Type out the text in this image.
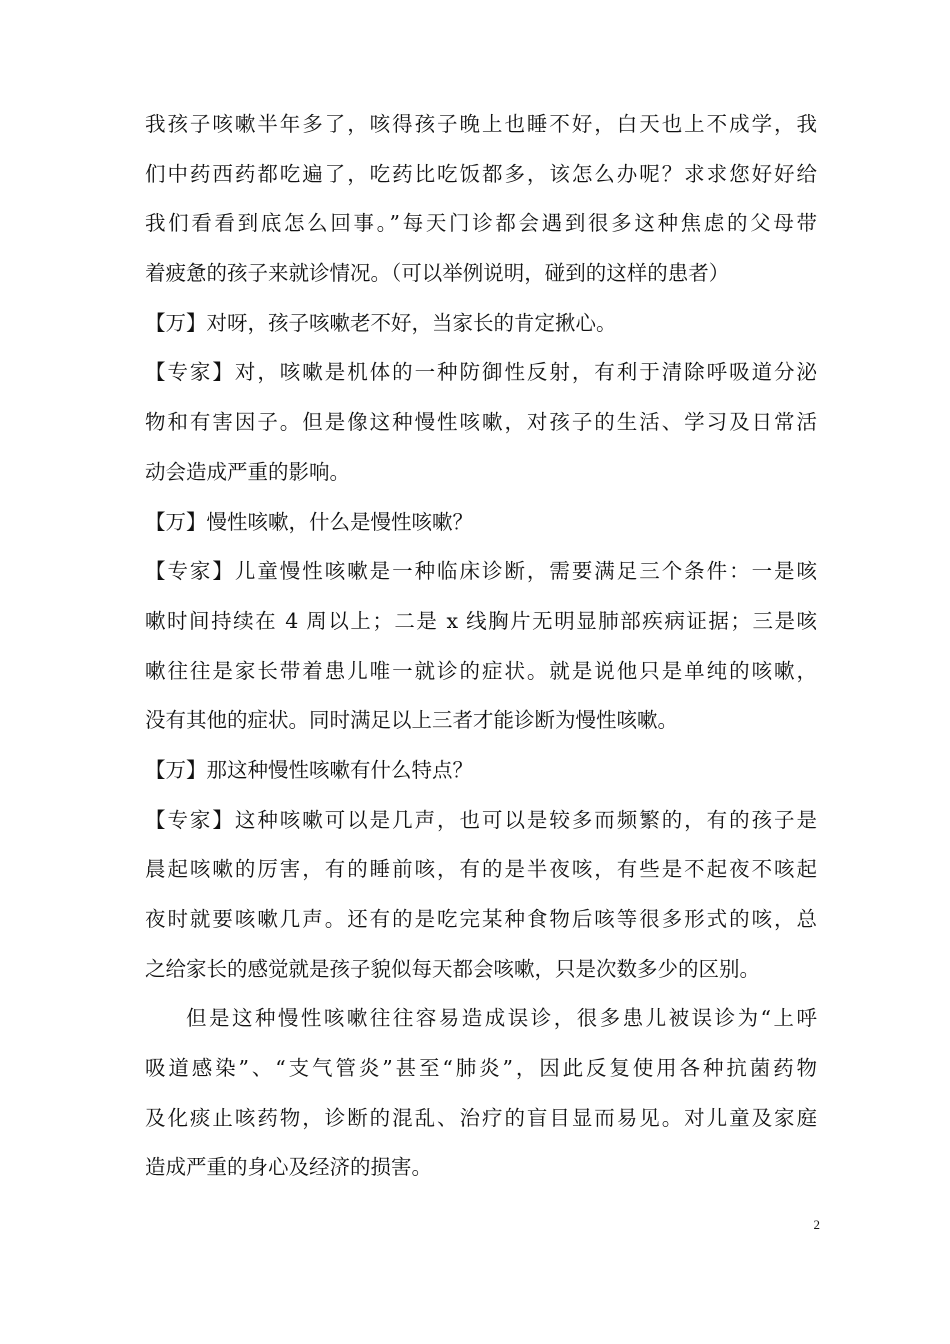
我孩子咳嗽半年多了，咳得孩子晚上也睡不好，白天也上不成学，我
们中药西药都吃遍了，吃药比吃饭都多，该怎么办呢？求求您好好给
我们看看到底怎么回事。”每天门诊都会遇到很多这种焦虑的父母带
着疲惫的孩子来就诊情况。（可以举例说明，碰到的这样的患者）

【万】对呀，孩子咳嗽老不好，当家长的肯定揪心。

【专家】对，咳嗽是机体的一种防御性反射，有利于清除呼吸道分泌
物和有害因子。但是像这种慢性咳嗽，对孩子的生活、学习及日常活
动会造成严重的影响。

【万】慢性咳嗽，什么是慢性咳嗽？

【专家】儿童慢性咳嗽是一种临床诊断，需要满足三个条件：一是咳
嗽时间持续在 4 周以上；二是 x 线胸片无明显肺部疾病证据；三是咳
嗽往往是家长带着患儿唯一就诊的症状。就是说他只是单纯的咳嗽，
没有其他的症状。同时满足以上三者才能诊断为慢性咳嗽。

【万】那这种慢性咳嗽有什么特点？

【专家】这种咳嗽可以是几声，也可以是较多而频繁的，有的孩子是
晨起咳嗽的厉害，有的睡前咳，有的是半夜咳，有些是不起夜不咳起
夜时就要咳嗽几声。还有的是吃完某种食物后咳等很多形式的咳，总
之给家长的感觉就是孩子貌似每天都会咳嗽，只是次数多少的区别。

但是这种慢性咳嗽往往容易造成误诊，很多患儿被误诊为“上呼
吸道感染”、“支气管炎”甚至“肺炎”，因此反复使用各种抗菌药物
及化痰止咳药物，诊断的混乱、治疗的盲目显而易见。对儿童及家庭
造成严重的身心及经济的损害。

2
